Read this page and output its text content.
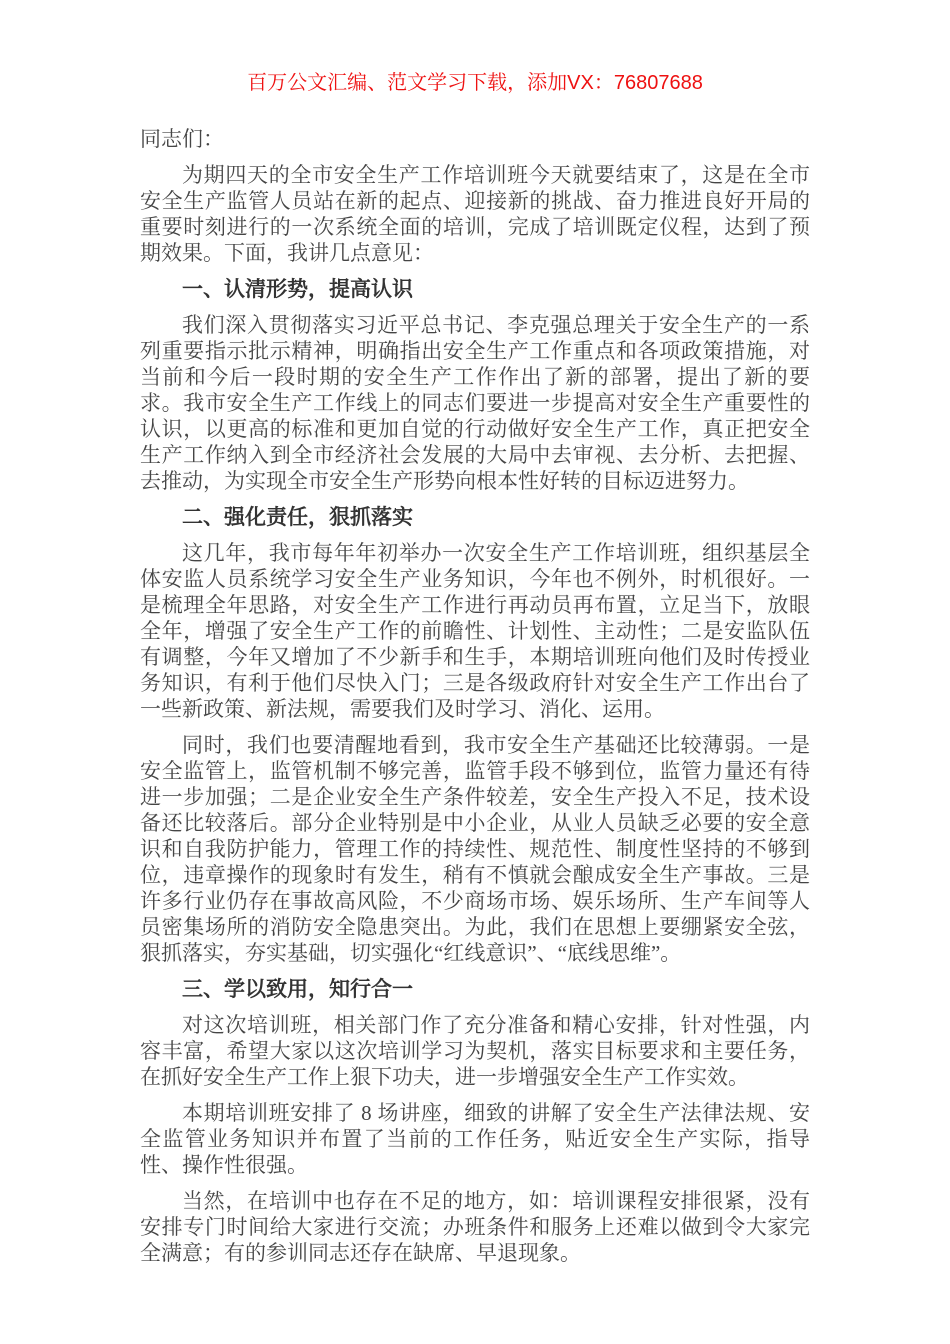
百万公文汇编、范文学习下载，添加VX：76807688

同志们：

为期四天的全市安全生产工作培训班今天就要结束了，这是在全市安全生产监管人员站在新的起点、迎接新的挑战、奋力推进良好开局的重要时刻进行的一次系统全面的培训，完成了培训既定仪程，达到了预期效果。下面，我讲几点意见：

一、认清形势，提高认识

我们深入贯彻落实习近平总书记、李克强总理关于安全生产的一系列重要指示批示精神，明确指出安全生产工作重点和各项政策措施，对当前和今后一段时期的安全生产工作作出了新的部署，提出了新的要求。我市安全生产工作线上的同志们要进一步提高对安全生产重要性的认识，以更高的标准和更加自觉的行动做好安全生产工作，真正把安全生产工作纳入到全市经济社会发展的大局中去审视、去分析、去把握、去推动，为实现全市安全生产形势向根本性好转的目标迈进努力。

二、强化责任，狠抓落实

这几年，我市每年年初举办一次安全生产工作培训班，组织基层全体安监人员系统学习安全生产业务知识，今年也不例外，时机很好。一是梳理全年思路，对安全生产工作进行再动员再布置，立足当下，放眼全年，增强了安全生产工作的前瞻性、计划性、主动性；二是安监队伍有调整，今年又增加了不少新手和生手，本期培训班向他们及时传授业务知识，有利于他们尽快入门；三是各级政府针对安全生产工作出台了一些新政策、新法规，需要我们及时学习、消化、运用。

同时，我们也要清醒地看到，我市安全生产基础还比较薄弱。一是安全监管上，监管机制不够完善，监管手段不够到位，监管力量还有待进一步加强；二是企业安全生产条件较差，安全生产投入不足，技术设备还比较落后。部分企业特别是中小企业，从业人员缺乏必要的安全意识和自我防护能力，管理工作的持续性、规范性、制度性坚持的不够到位，违章操作的现象时有发生，稍有不慎就会酿成安全生产事故。三是许多行业仍存在事故高风险，不少商场市场、娱乐场所、生产车间等人员密集场所的消防安全隐患突出。为此，我们在思想上要绷紧安全弦，狠抓落实，夯实基础，切实强化“红线意识”、“底线思维”。

三、学以致用，知行合一

对这次培训班，相关部门作了充分准备和精心安排，针对性强，内容丰富，希望大家以这次培训学习为契机，落实目标要求和主要任务，在抓好安全生产工作上狠下功夫，进一步增强安全生产工作实效。

本期培训班安排了 8 场讲座，细致的讲解了安全生产法律法规、安全监管业务知识并布置了当前的工作任务，贴近安全生产实际，指导性、操作性很强。

当然，在培训中也存在不足的地方，如：培训课程安排很紧，没有安排专门时间给大家进行交流；办班条件和服务上还难以做到令大家完全满意；有的参训同志还存在缺席、早退现象。
